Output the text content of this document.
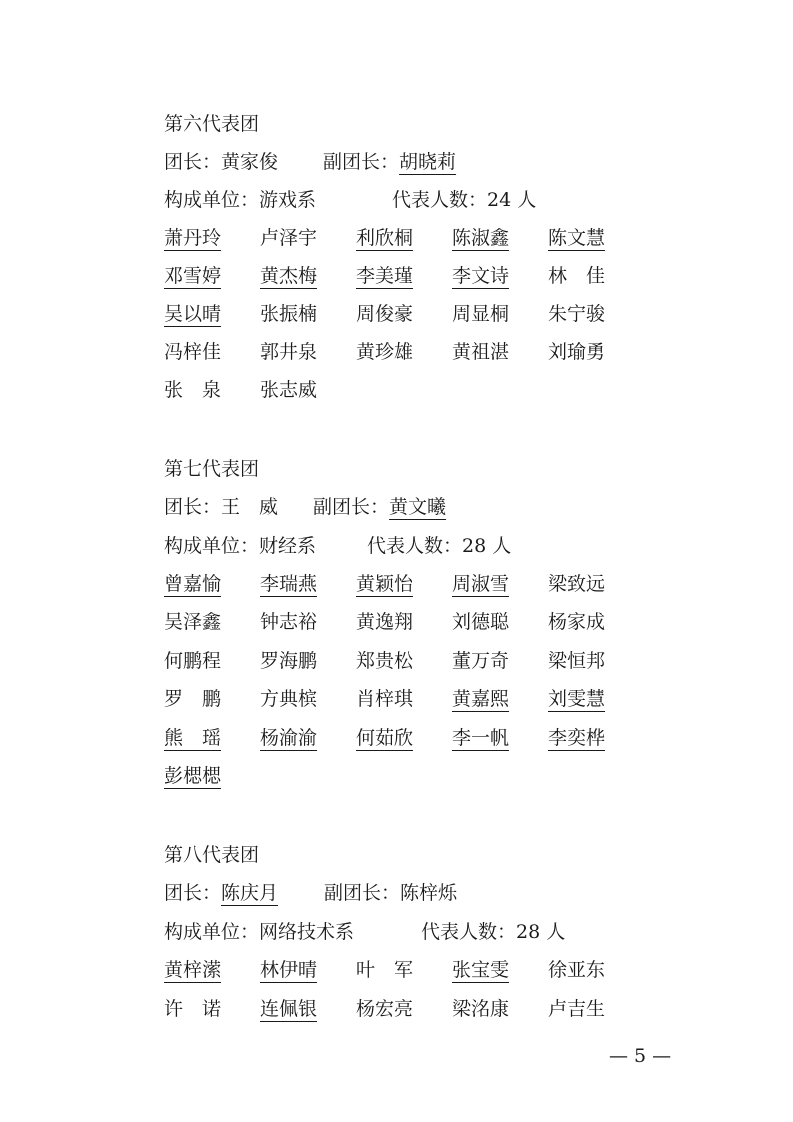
第六代表团
团长：黄家俊 副团长：胡晓莉
构成单位：游戏系	代表人数：24 人
萧丹玲 卢泽宇 利欣桐 陈淑鑫 陈文慧
邓雪婷 黄杰梅 李美瑾 李文诗 林　佳
吴以晴 张振楠 周俊豪 周显桐 朱宁骏
冯梓佳 郭井泉 黄珍雄 黄祖湛 刘瑜勇
张　泉 张志威
第七代表团
团长：王　威 副团长：黄文曦
构成单位：财经系	代表人数：28 人
曾嘉愉 李瑞燕 黄颖怡 周淑雪 梁致远
吴泽鑫 钟志裕 黄逸翔 刘德聪 杨家成
何鹏程 罗海鹏 郑贵松 董万奇 梁恒邦
罗　鹏 方典槟 肖梓琪 黄嘉熙 刘雯慧
熊　瑶 杨渝渝 何茹欣 李一帆 李奕桦
彭楒楒
第八代表团
团长：陈庆月 副团长：陈梓烁
构成单位：网络技术系	代表人数：28 人
黄梓潆 林伊晴 叶　军 张宝雯 徐亚东
许　诺 连佩银 杨宏亮 梁洺康 卢吉生
— 5 —
